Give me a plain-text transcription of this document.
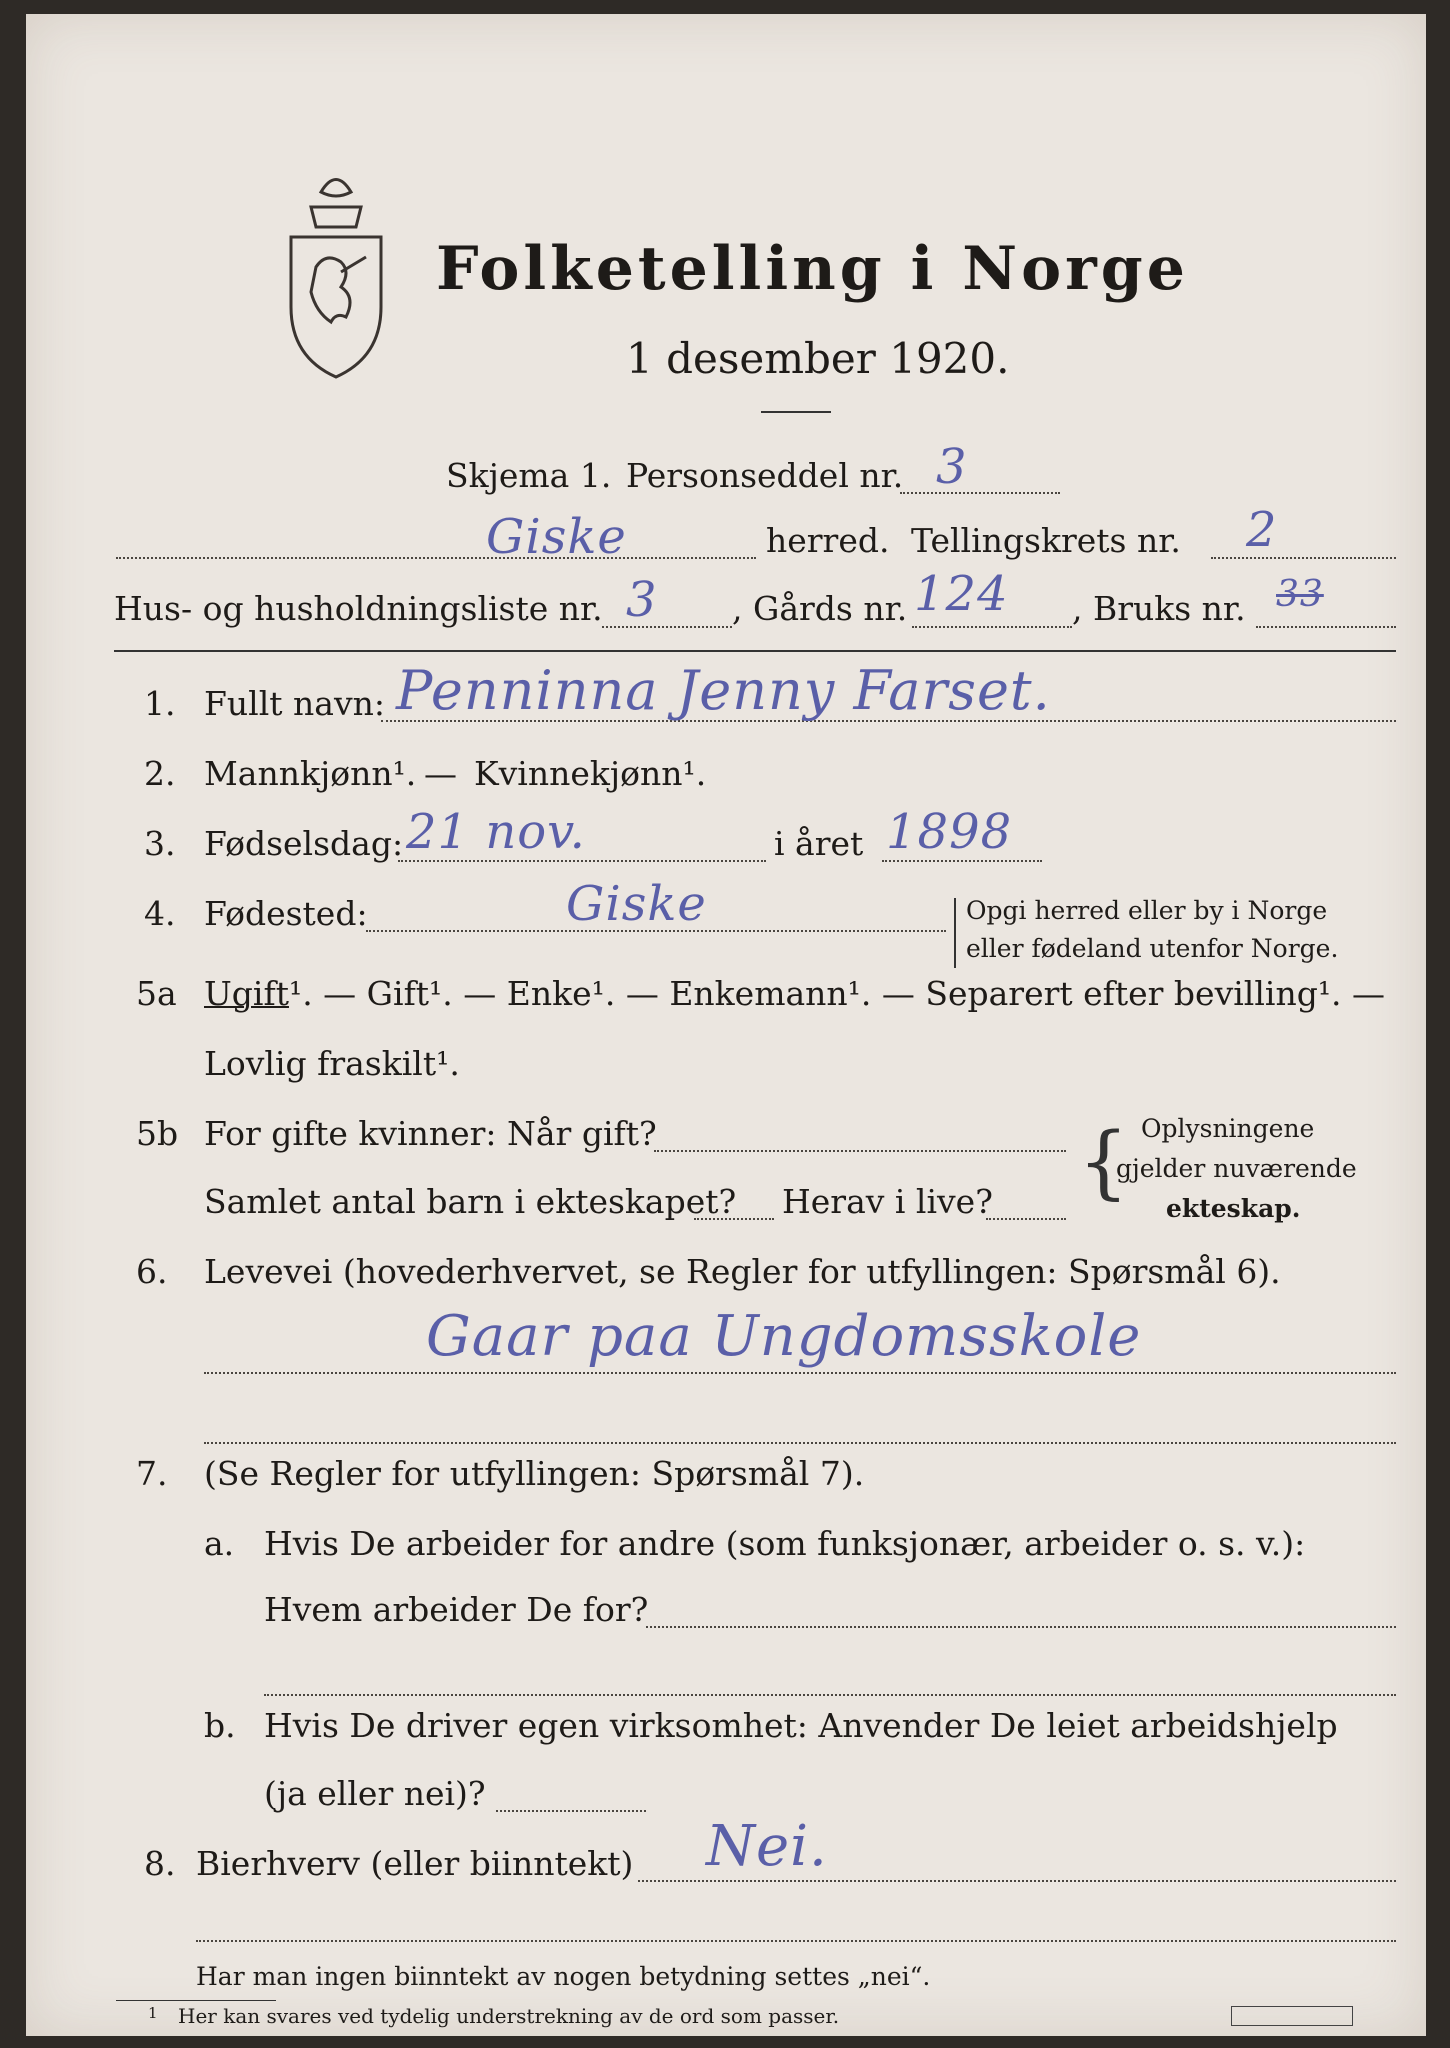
Folketelling i Norge
1 desember 1920.
Skjema 1. Personseddel nr. 3
Giske	herred. Tellingskrets nr. 2
Hus- og husholdningsliste nr. 3 , Gårds nr. 124 , Bruks nr. 33
1. Fullt navn: Penninna Jenny Farset.
2. Mannkjønn¹. — Kvinnekjønn¹.
3. Fødselsdag: 21 nov.	i året 1898
4. Fødested:	Giske	Opgi herred eller by i Norge
eller fødeland utenfor Norge.
5a Ugift¹. — Gift¹. — Enke¹. — Enkemann¹. — Separert efter bevilling¹. —
Lovlig fraskilt¹.
5b For gifte kvinner: Når gift?
Samlet antal barn i ekteskapet? Herav i live? { Oplysningene
gjelder nuværende
ekteskap.
6. Levevei (hovederhvervet, se Regler for utfyllingen: Spørsmål 6).
Gaar paa Ungdomsskole
7. (Se Regler for utfyllingen: Spørsmål 7).
a. Hvis De arbeider for andre (som funksjonær, arbeider o. s. v.):
Hvem arbeider De for?
b. Hvis De driver egen virksomhet: Anvender De leiet arbeidshjelp
(ja eller nei)?
8. Bierhverv (eller biinntekt) Nei.
Har man ingen biinntekt av nogen betydning settes „nei“.
1 Her kan svares ved tydelig understrekning av de ord som passer.
